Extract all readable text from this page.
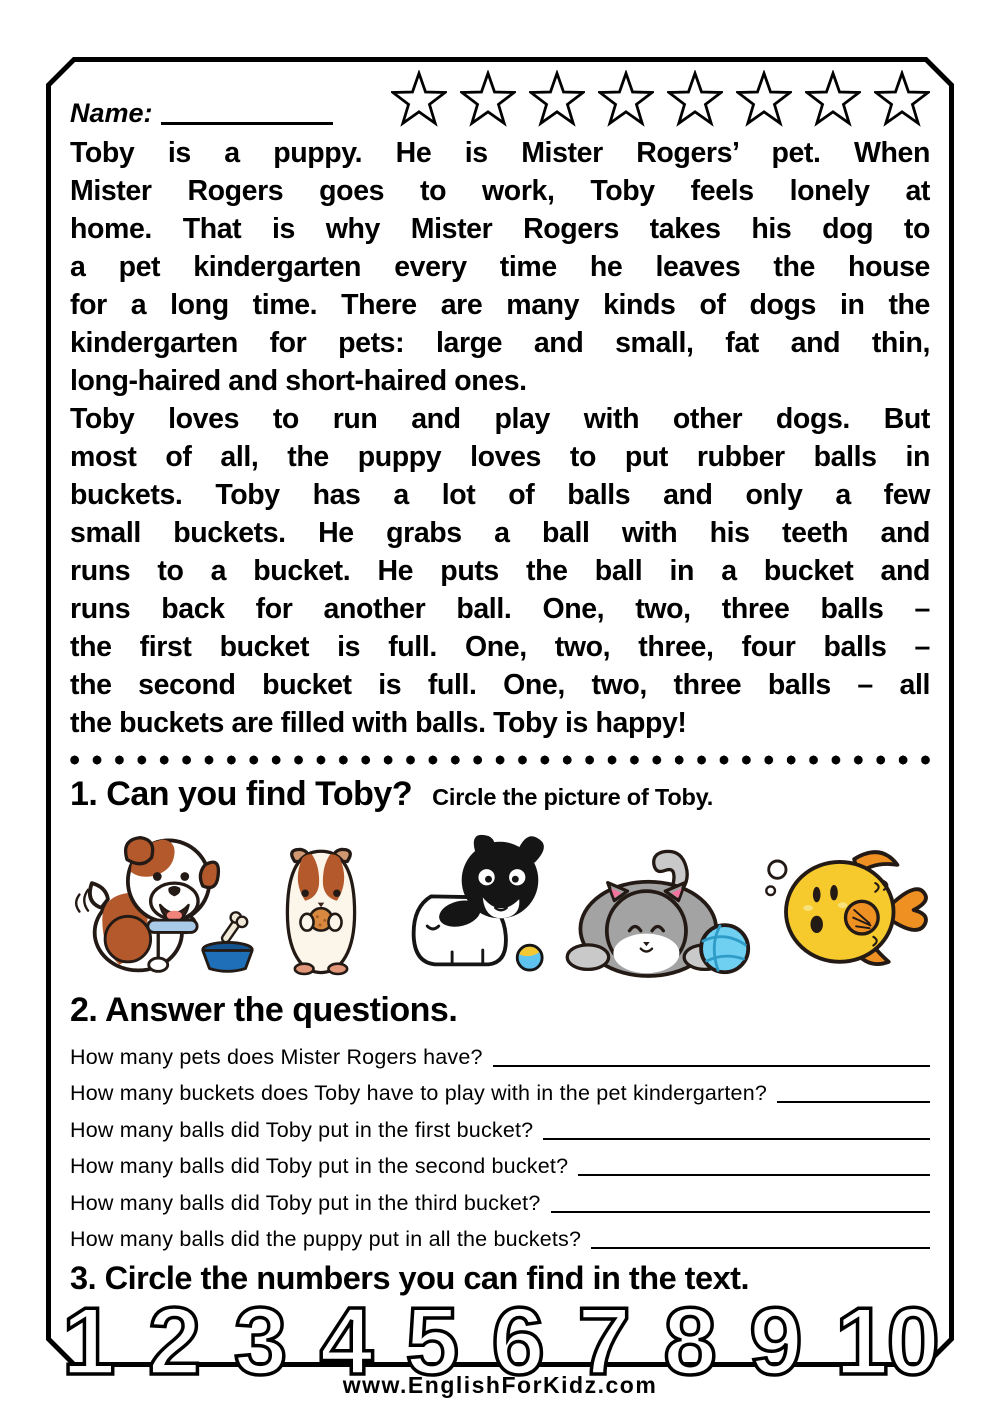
Name:
Toby is a puppy. He is Mister Rogers’ pet. When
Mister Rogers goes to work, Toby feels lonely at
home. That is why Mister Rogers takes his dog to
a pet kindergarten every time he leaves the house
for a long time. There are many kinds of dogs in the
kindergarten for pets: large and small, fat and thin,
long-haired and short-haired ones.
Toby loves to run and play with other dogs. But
most of all, the puppy loves to put rubber balls in
buckets. Toby has a lot of balls and only a few
small buckets. He grabs a ball with his teeth and
runs to a bucket. He puts the ball in a bucket and
runs back for another ball. One, two, three balls –
the first bucket is full. One, two, three, four balls –
the second bucket is full. One, two, three balls – all
the buckets are filled with balls. Toby is happy!
1. Can you find Toby? Circle the picture of Toby.
2. Answer the questions.
How many pets does Mister Rogers have?
How many buckets does Toby have to play with in the pet kindergarten?
How many balls did Toby put in the first bucket?
How many balls did Toby put in the second bucket?
How many balls did Toby put in the third bucket?
How many balls did the puppy put in all the buckets?
3. Circle the numbers you can find in the text.
1 2 3 4 5 6 7 8 9 10
www.EnglishForKidz.com
